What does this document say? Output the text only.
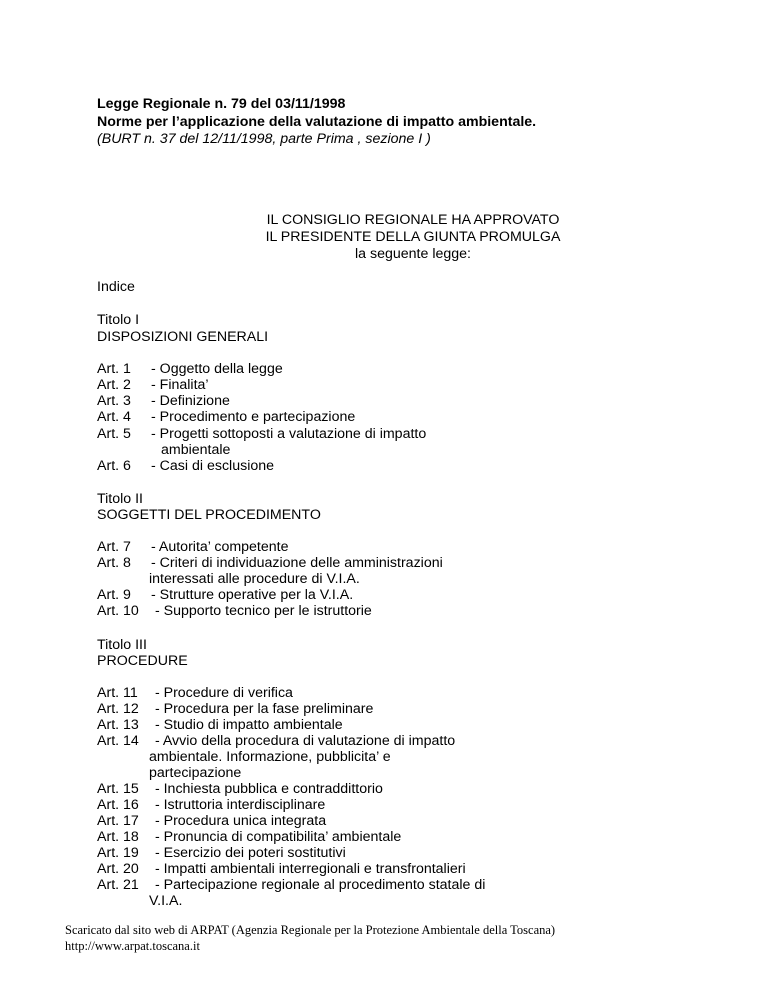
Legge Regionale n. 79 del 03/11/1998
Norme per l’applicazione della valutazione di impatto ambientale.
(BURT n. 37 del 12/11/1998, parte Prima , sezione I )
IL CONSIGLIO REGIONALE HA APPROVATO
IL PRESIDENTE DELLA GIUNTA PROMULGA
la seguente legge:
Indice
Titolo I
DISPOSIZIONI GENERALI
Art. 1 - Oggetto della legge
Art. 2 - Finalita’
Art. 3 - Definizione
Art. 4 - Procedimento e partecipazione
Art. 5 - Progetti sottoposti a valutazione di impatto
ambientale
Art. 6 - Casi di esclusione
Titolo II
SOGGETTI DEL PROCEDIMENTO
Art. 7 - Autorita’ competente
Art. 8 - Criteri di individuazione delle amministrazioni
interessati alle procedure di V.I.A.
Art. 9 - Strutture operative per la V.I.A.
Art. 10 - Supporto tecnico per le istruttorie
Titolo III
PROCEDURE
Art. 11 - Procedure di verifica
Art. 12 - Procedura per la fase preliminare
Art. 13 - Studio di impatto ambientale
Art. 14 - Avvio della procedura di valutazione di impatto
ambientale. Informazione, pubblicita’ e
partecipazione
Art. 15 - Inchiesta pubblica e contraddittorio
Art. 16 - Istruttoria interdisciplinare
Art. 17 - Procedura unica integrata
Art. 18 - Pronuncia di compatibilita’ ambientale
Art. 19 - Esercizio dei poteri sostitutivi
Art. 20 - Impatti ambientali interregionali e transfrontalieri
Art. 21 - Partecipazione regionale al procedimento statale di
V.I.A.
Scaricato dal sito web di ARPAT (Agenzia Regionale per la Protezione Ambientale della Toscana)
http://www.arpat.toscana.it
